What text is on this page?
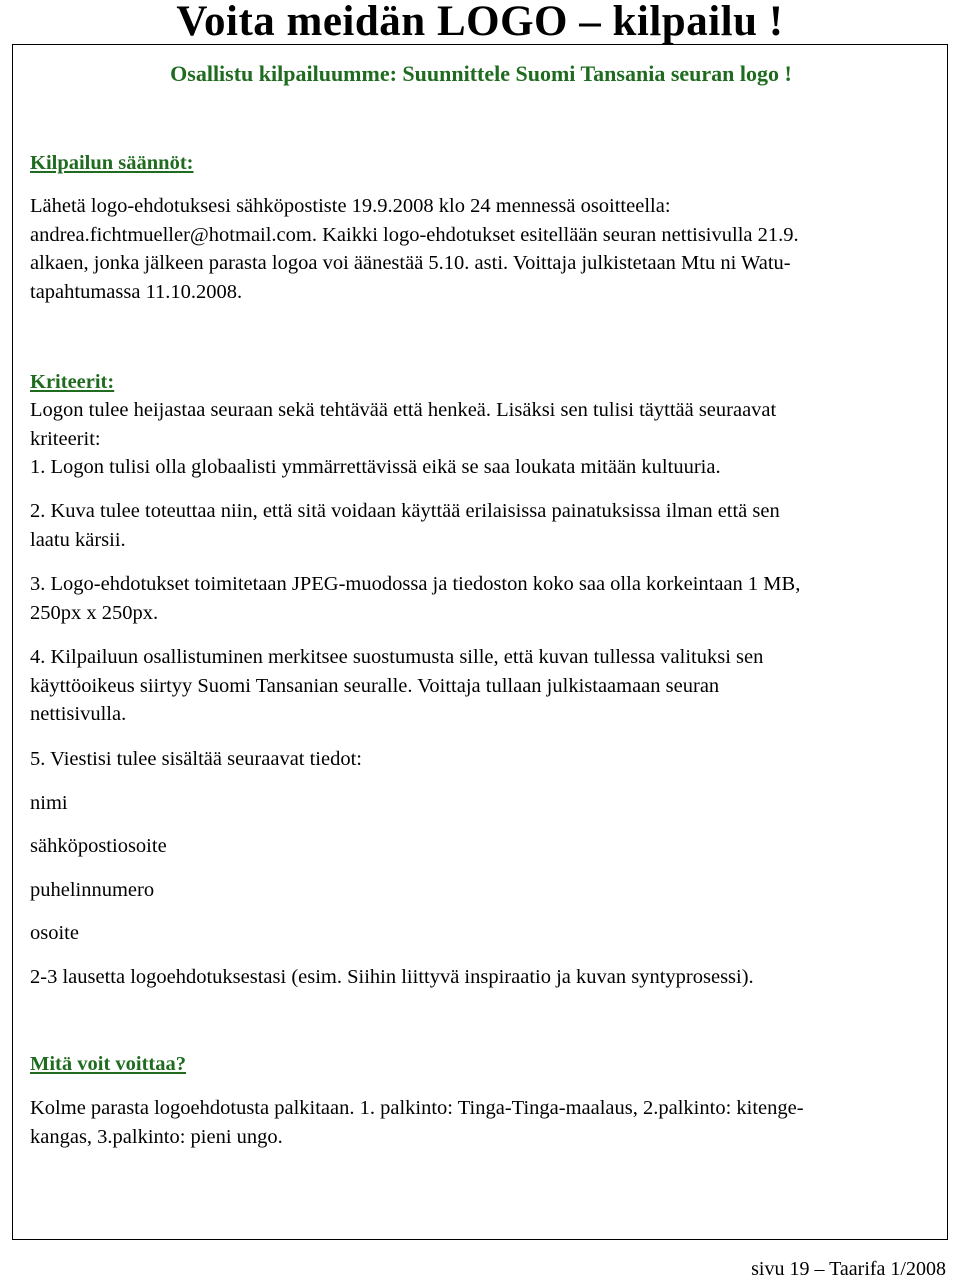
Voita meidän LOGO – kilpailu !

Osallistu kilpailuumme: Suunnittele Suomi Tansania seuran logo !

Kilpailun säännöt:
Lähetä logo-ehdotuksesi sähköpostiste 19.9.2008 klo 24 mennessä osoitteella:
andrea.fichtmueller@hotmail.com. Kaikki logo-ehdotukset esitellään seuran nettisivulla 21.9.
alkaen, jonka jälkeen parasta logoa voi äänestää 5.10. asti. Voittaja julkistetaan Mtu ni Watu-
tapahtumassa 11.10.2008.
Kriteerit:
Logon tulee heijastaa seuraan sekä tehtävää että henkeä. Lisäksi sen tulisi täyttää seuraavat
kriteerit:
1. Logon tulisi olla globaalisti ymmärrettävissä eikä se saa loukata mitään kultuuria.
2. Kuva tulee toteuttaa niin, että sitä voidaan käyttää erilaisissa painatuksissa ilman että sen
laatu kärsii.
3. Logo-ehdotukset toimitetaan JPEG-muodossa ja tiedoston koko saa olla korkeintaan 1 MB,
250px x 250px.
4. Kilpailuun osallistuminen merkitsee suostumusta sille, että kuvan tullessa valituksi sen
käyttöoikeus siirtyy Suomi Tansanian seuralle. Voittaja tullaan julkistaamaan seuran
nettisivulla.
5. Viestisi tulee sisältää seuraavat tiedot:
nimi
sähköpostiosoite
puhelinnumero
osoite
2-3 lausetta logoehdotuksestasi (esim. Siihin liittyvä inspiraatio ja kuvan syntyprosessi).
Mitä voit voittaa?
Kolme parasta logoehdotusta palkitaan. 1. palkinto: Tinga-Tinga-maalaus, 2.palkinto: kitenge-
kangas, 3.palkinto: pieni ungo.
sivu 19 – Taarifa 1/2008
